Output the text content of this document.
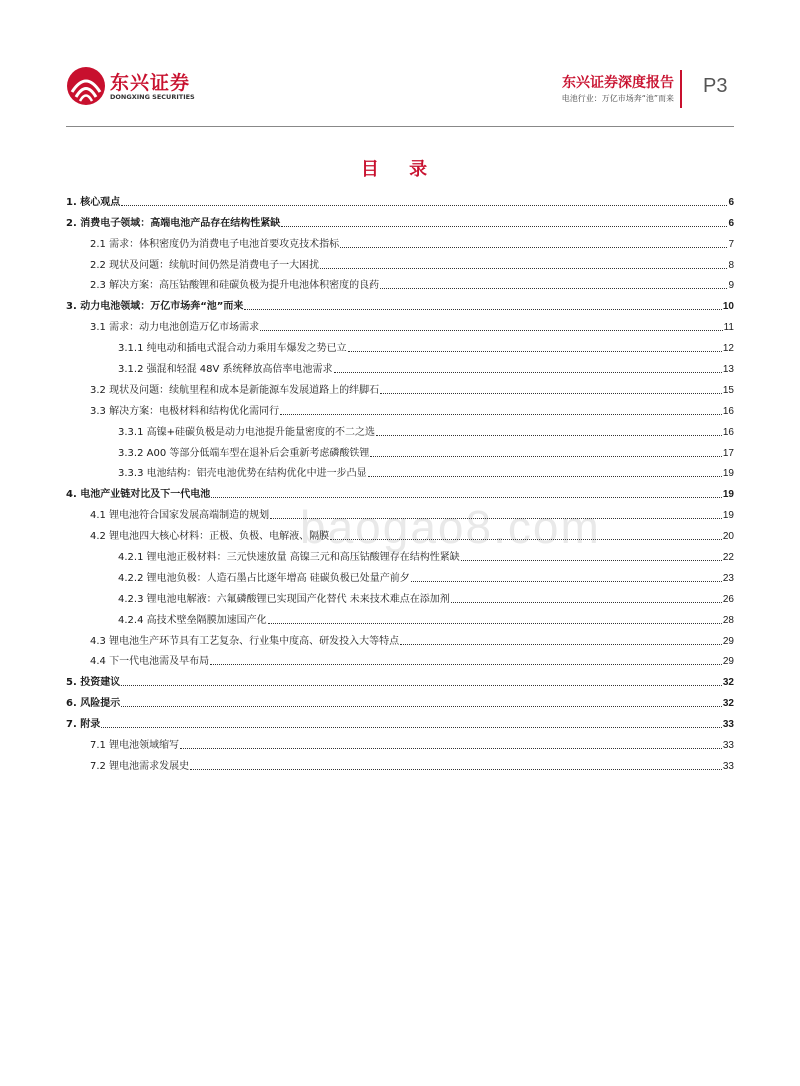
东兴证券
DONGXING SECURITIES
东兴证券深度报告
电池行业：万亿市场奔“池”而来
P3
baogao8.com
目 录
1. 核心观点	6
2. 消费电子领域：高端电池产品存在结构性紧缺	6
2.1 需求：体积密度仍为消费电子电池首要攻克技术指标	7
2.2 现状及问题：续航时间仍然是消费电子一大困扰	8
2.3 解决方案：高压钴酸锂和硅碳负极为提升电池体积密度的良药	9
3. 动力电池领域：万亿市场奔“池”而来	10
3.1 需求：动力电池创造万亿市场需求	11
3.1.1 纯电动和插电式混合动力乘用车爆发之势已立	12
3.1.2 强混和轻混 48V 系统释放高倍率电池需求	13
3.2 现状及问题：续航里程和成本是新能源车发展道路上的绊脚石	15
3.3 解决方案：电极材料和结构优化需同行	16
3.3.1 高镍+硅碳负极是动力电池提升能量密度的不二之选	16
3.3.2 A00 等部分低端车型在退补后会重新考虑磷酸铁锂	17
3.3.3 电池结构：铝壳电池优势在结构优化中进一步凸显	19
4. 电池产业链对比及下一代电池	19
4.1 锂电池符合国家发展高端制造的规划	19
4.2 锂电池四大核心材料：正极、负极、电解液、隔膜	20
4.2.1 锂电池正极材料：三元快速放量 高镍三元和高压钴酸锂存在结构性紧缺	22
4.2.2 锂电池负极：人造石墨占比逐年增高 硅碳负极已处量产前夕	23
4.2.3 锂电池电解液：六氟磷酸锂已实现国产化替代 未来技术难点在添加剂	26
4.2.4 高技术壁垒隔膜加速国产化	28
4.3 锂电池生产环节具有工艺复杂、行业集中度高、研发投入大等特点	29
4.4 下一代电池需及早布局	29
5. 投资建议	32
6. 风险提示	32
7. 附录	33
7.1 锂电池领域缩写	33
7.2 锂电池需求发展史	33
